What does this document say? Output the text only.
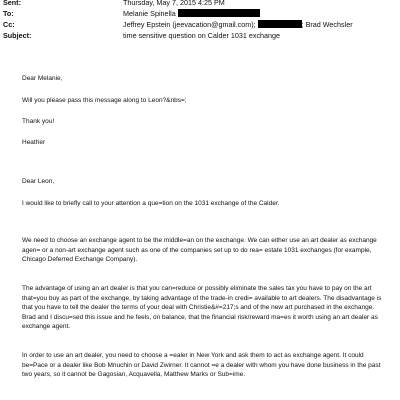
Sent:	Thursday, May 7, 2015 4:25 PM
To:	Melanie Spinella
Cc:	Jeffrey Epstein (jeevacation@gmail.com);	; Brad Wechsler
Subject:	time sensitive question on Calder 1031 exchange

Dear Melanie,

Will you please pass this message along to Leon?&nbs=;

Thank you!

Heather

Dear Leon,

I would like to briefly call to your attention a que=tion on the 1031 exchange of the Calder.

We need to choose an exchange agent to be the middle=an on the exchange. We can either use an art dealer as exchange agen= or a non-art exchange agent such as one of the companies set up to do rea= estate 1031 exchanges (for example, Chicago Deferred Exchange Company).

The advantage of using an art dealer is that you can=reduce or possibly eliminate the sales tax you have to pay on the art that=you buy as part of the exchange, by taking advantage of the trade-in credi= available to art dealers. The disadvantage is that you have to tell the dealer the terms of your deal with Christie&#=217;s and of the new art purchased in the exchange. Brad and I discu=sed this issue and he feels, on balance, that the financial risk/reward ma=es it worth using an art dealer as exchange agent.

In order to use an art dealer, you need to choose a =ealer in New York and ask them to act as exchange agent. It could be=Pace or a dealer like Bob Mnuchin or David Zwirner. It cannot =e a dealer with whom you have done business in the past two years, so it cannot be Gagosian, Acquavella, Matthew Marks or Sub=ime.
